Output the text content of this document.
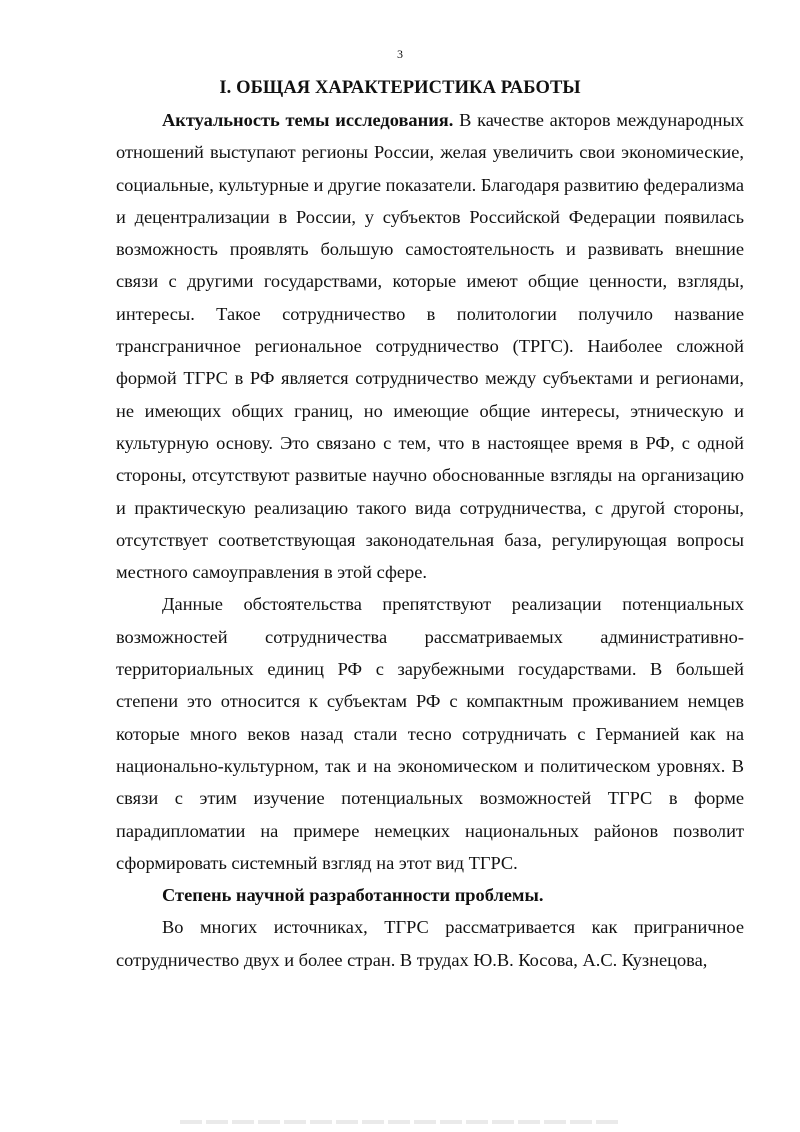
3
I. ОБЩАЯ ХАРАКТЕРИСТИКА РАБОТЫ

Актуальность темы исследования. В качестве акторов международных отношений выступают регионы России, желая увеличить свои экономические, социальные, культурные и другие показатели. Благодаря развитию федерализма и децентрализации в России, у субъектов Российской Федерации появилась возможность проявлять большую самостоятельность и развивать внешние связи с другими государствами, которые имеют общие ценности, взгляды, интересы. Такое сотрудничество в политологии получило название трансграничное региональное сотрудничество (ТРГС). Наиболее сложной формой ТГРС в РФ является сотрудничество между субъектами и регионами, не имеющих общих границ, но имеющие общие интересы, этническую и культурную основу. Это связано с тем, что в настоящее время в РФ, с одной стороны, отсутствуют развитые научно обоснованные взгляды на организацию и практическую реализацию такого вида сотрудничества, с другой стороны, отсутствует соответствующая законодательная база, регулирующая вопросы местного самоуправления в этой сфере.

Данные обстоятельства препятствуют реализации потенциальных возможностей сотрудничества рассматриваемых административно-территориальных единиц РФ с зарубежными государствами. В большей степени это относится к субъектам РФ с компактным проживанием немцев которые много веков назад стали тесно сотрудничать с Германией как на национально-культурном, так и на экономическом и политическом уровнях. В связи с этим изучение потенциальных возможностей ТГРС в форме парадипломатии на примере немецких национальных районов позволит сформировать системный взгляд на этот вид ТГРС.

Степень научной разработанности проблемы.

Во многих источниках, ТГРС рассматривается как приграничное сотрудничество двух и более стран. В трудах Ю.В. Косова, А.С. Кузнецова,
